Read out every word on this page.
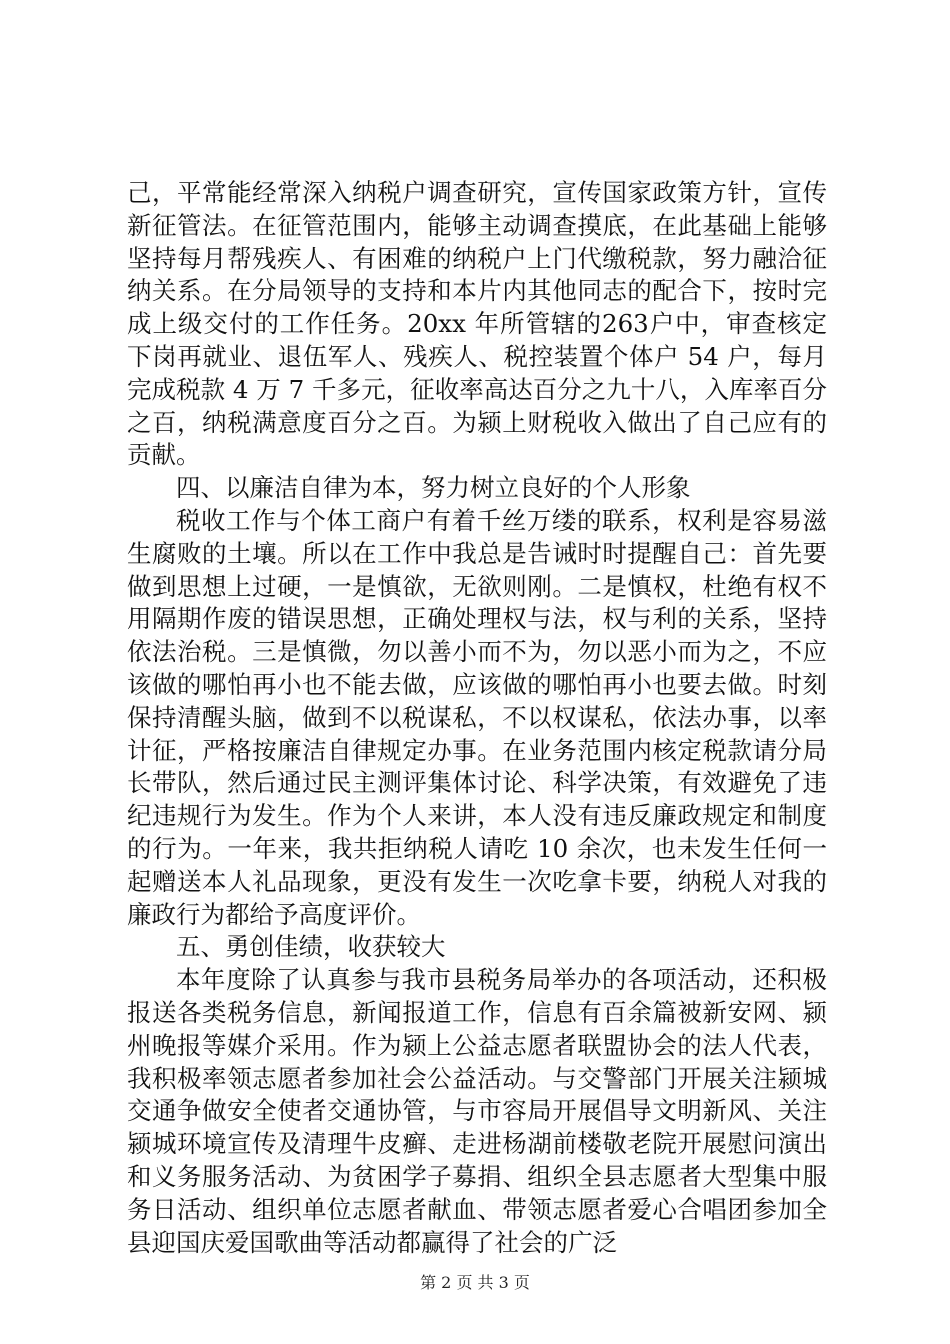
己，平常能经常深入纳税户调查研究，宣传国家政策方针，宣传新征管法。在征管范围内，能够主动调查摸底，在此基础上能够坚持每月帮残疾人、有困难的纳税户上门代缴税款，努力融洽征纳关系。在分局领导的支持和本片内其他同志的配合下，按时完成上级交付的工作任务。20xx 年所管辖的263户中，审查核定下岗再就业、退伍军人、残疾人、税控装置个体户 54 户，每月完成税款 4 万 7 千多元，征收率高达百分之九十八，入库率百分之百，纳税满意度百分之百。为颍上财税收入做出了自己应有的贡献。

四、以廉洁自律为本，努力树立良好的个人形象

税收工作与个体工商户有着千丝万缕的联系，权利是容易滋生腐败的土壤。所以在工作中我总是告诫时时提醒自己：首先要做到思想上过硬，一是慎欲，无欲则刚。二是慎权，杜绝有权不用隔期作废的错误思想，正确处理权与法，权与利的关系，坚持依法治税。三是慎微，勿以善小而不为，勿以恶小而为之，不应该做的哪怕再小也不能去做，应该做的哪怕再小也要去做。时刻保持清醒头脑，做到不以税谋私，不以权谋私，依法办事，以率计征，严格按廉洁自律规定办事。在业务范围内核定税款请分局长带队，然后通过民主测评集体讨论、科学决策，有效避免了违纪违规行为发生。作为个人来讲，本人没有违反廉政规定和制度的行为。一年来，我共拒纳税人请吃 10 余次，也未发生任何一起赠送本人礼品现象，更没有发生一次吃拿卡要，纳税人对我的廉政行为都给予高度评价。

五、勇创佳绩，收获较大

本年度除了认真参与我市县税务局举办的各项活动，还积极报送各类税务信息，新闻报道工作，信息有百余篇被新安网、颍州晚报等媒介采用。作为颍上公益志愿者联盟协会的法人代表，我积极率领志愿者参加社会公益活动。与交警部门开展关注颍城交通争做安全使者交通协管，与市容局开展倡导文明新风、关注颍城环境宣传及清理牛皮癣、走进杨湖前楼敬老院开展慰问演出和义务服务活动、为贫困学子募捐、组织全县志愿者大型集中服务日活动、组织单位志愿者献血、带领志愿者爱心合唱团参加全县迎国庆爱国歌曲等活动都赢得了社会的广泛

第 2 页 共 3 页
